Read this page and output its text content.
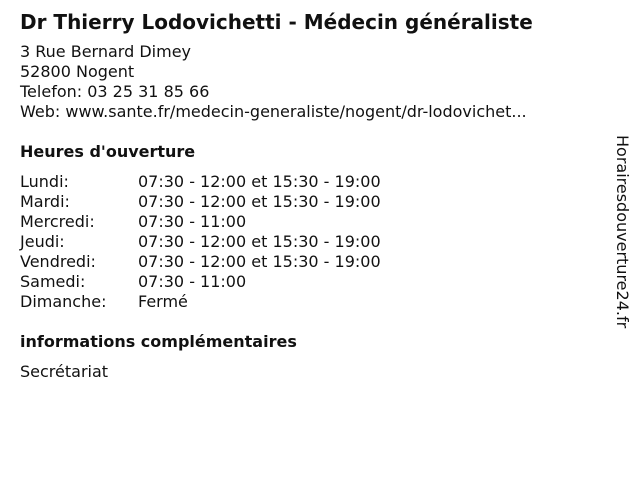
Dr Thierry Lodovichetti - Médecin généraliste
3 Rue Bernard Dimey
52800 Nogent
Telefon: 03 25 31 85 66
Web: www.sante.fr/medecin-generaliste/nogent/dr-lodovichet...
Heures d'ouverture
Lundi:	07:30 - 12:00 et 15:30 - 19:00
Mardi:	07:30 - 12:00 et 15:30 - 19:00
Mercredi:	07:30 - 11:00
Jeudi:	07:30 - 12:00 et 15:30 - 19:00
Vendredi:	07:30 - 12:00 et 15:30 - 19:00
Samedi:	07:30 - 11:00
Dimanche:	Fermé
informations complémentaires
Secrétariat
Horairesdouverture24.fr
